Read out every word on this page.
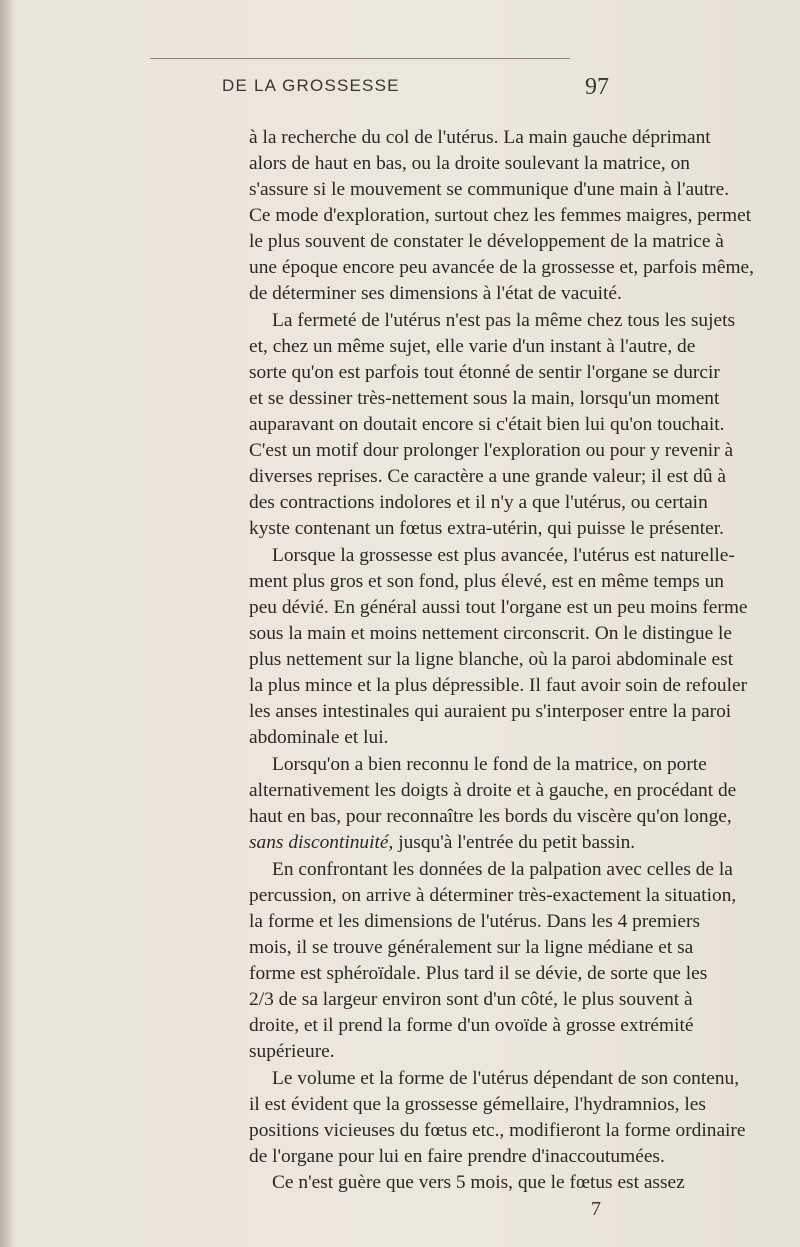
DE LA GROSSESSE	97
à la recherche du col de l'utérus. La main gauche déprimant
alors de haut en bas, ou la droite soulevant la matrice, on
s'assure si le mouvement se communique d'une main à l'autre.
Ce mode d'exploration, surtout chez les femmes maigres, permet
le plus souvent de constater le développement de la matrice à
une époque encore peu avancée de la grossesse et, parfois même,
de déterminer ses dimensions à l'état de vacuité.
La fermeté de l'utérus n'est pas la même chez tous les sujets
et, chez un même sujet, elle varie d'un instant à l'autre, de
sorte qu'on est parfois tout étonné de sentir l'organe se durcir
et se dessiner très-nettement sous la main, lorsqu'un moment
auparavant on doutait encore si c'était bien lui qu'on touchait.
C'est un motif dour prolonger l'exploration ou pour y revenir à
diverses reprises. Ce caractère a une grande valeur; il est dû à
des contractions indolores et il n'y a que l'utérus, ou certain
kyste contenant un fœtus extra-utérin, qui puisse le présenter.
Lorsque la grossesse est plus avancée, l'utérus est naturelle-
ment plus gros et son fond, plus élevé, est en même temps un
peu dévié. En général aussi tout l'organe est un peu moins ferme
sous la main et moins nettement circonscrit. On le distingue le
plus nettement sur la ligne blanche, où la paroi abdominale est
la plus mince et la plus dépressible. Il faut avoir soin de refouler
les anses intestinales qui auraient pu s'interposer entre la paroi
abdominale et lui.
Lorsqu'on a bien reconnu le fond de la matrice, on porte
alternativement les doigts à droite et à gauche, en procédant de
haut en bas, pour reconnaître les bords du viscère qu'on longe,
sans discontinuité, jusqu'à l'entrée du petit bassin.
En confrontant les données de la palpation avec celles de la
percussion, on arrive à déterminer très-exactement la situation,
la forme et les dimensions de l'utérus. Dans les 4 premiers
mois, il se trouve généralement sur la ligne médiane et sa
forme est sphéroïdale. Plus tard il se dévie, de sorte que les
2/3 de sa largeur environ sont d'un côté, le plus souvent à
droite, et il prend la forme d'un ovoïde à grosse extrémité
supérieure.
Le volume et la forme de l'utérus dépendant de son contenu,
il est évident que la grossesse gémellaire, l'hydramnios, les
positions vicieuses du fœtus etc., modifieront la forme ordinaire
de l'organe pour lui en faire prendre d'inaccoutumées.
Ce n'est guère que vers 5 mois, que le fœtus est assez
7
